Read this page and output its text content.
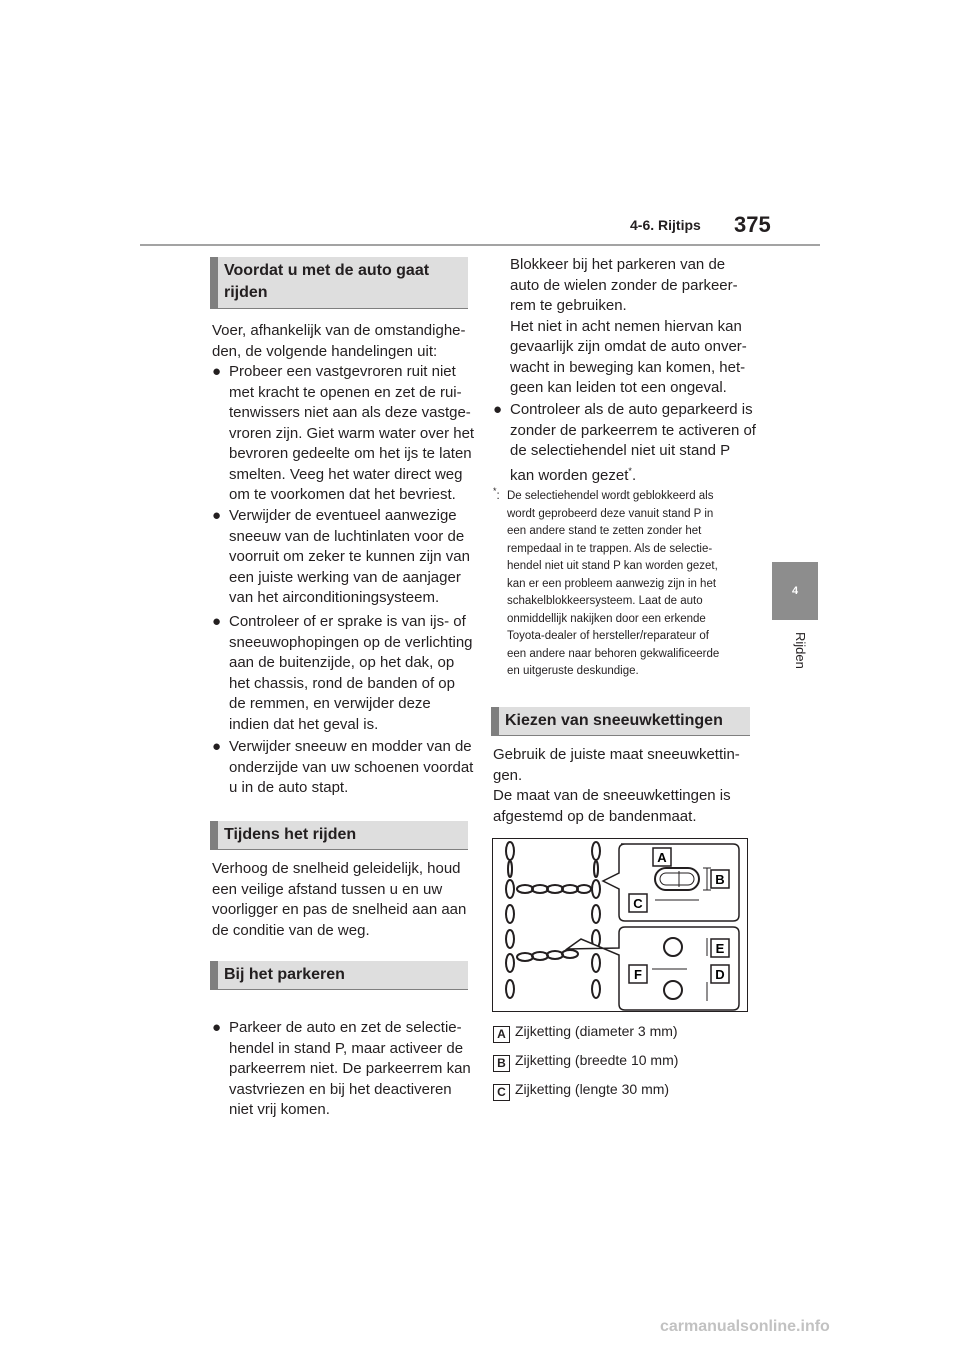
4-6. Rijtips 375
4
Rijden
Voordat u met de auto gaat rijden
Voer, afhankelijk van de omstandighe-
den, de volgende handelingen uit:
● Probeer een vastgevroren ruit niet
met kracht te openen en zet de rui-
tenwissers niet aan als deze vastge-
vroren zijn. Giet warm water over het
bevroren gedeelte om het ijs te laten
smelten. Veeg het water direct weg
om te voorkomen dat het bevriest.
● Verwijder de eventueel aanwezige
sneeuw van de luchtinlaten voor de
voorruit om zeker te kunnen zijn van
een juiste werking van de aanjager
van het airconditioningsysteem.
● Controleer of er sprake is van ijs- of
sneeuwophopingen op de verlichting
aan de buitenzijde, op het dak, op
het chassis, rond de banden of op
de remmen, en verwijder deze
indien dat het geval is.
● Verwijder sneeuw en modder van de
onderzijde van uw schoenen voordat
u in de auto stapt.
Tijdens het rijden
Verhoog de snelheid geleidelijk, houd
een veilige afstand tussen u en uw
voorligger en pas de snelheid aan aan
de conditie van de weg.
Bij het parkeren
● Parkeer de auto en zet de selectie-
hendel in stand P, maar activeer de
parkeerrem niet. De parkeerrem kan
vastvriezen en bij het deactiveren
niet vrij komen.
Blokkeer bij het parkeren van de
auto de wielen zonder de parkeer-
rem te gebruiken.
Het niet in acht nemen hiervan kan
gevaarlijk zijn omdat de auto onver-
wacht in beweging kan komen, het-
geen kan leiden tot een ongeval.
● Controleer als de auto geparkeerd is
zonder de parkeerrem te activeren of
de selectiehendel niet uit stand P
kan worden gezet*.
*: De selectiehendel wordt geblokkeerd als
wordt geprobeerd deze vanuit stand P in
een andere stand te zetten zonder het
rempedaal in te trappen. Als de selectie-
hendel niet uit stand P kan worden gezet,
kan er een probleem aanwezig zijn in het
schakelblokkeersysteem. Laat de auto
onmiddellijk nakijken door een erkende
Toyota-dealer of hersteller/reparateur of
een andere naar behoren gekwalificeerde
en uitgeruste deskundige.
Kiezen van sneeuwkettingen
Gebruik de juiste maat sneeuwkettin-
gen.
De maat van de sneeuwkettingen is
afgestemd op de bandenmaat.
A
B
C
D
E
F
A Zijketting (diameter 3 mm)
B Zijketting (breedte 10 mm)
C Zijketting (lengte 30 mm)
carmanualsonline.info
